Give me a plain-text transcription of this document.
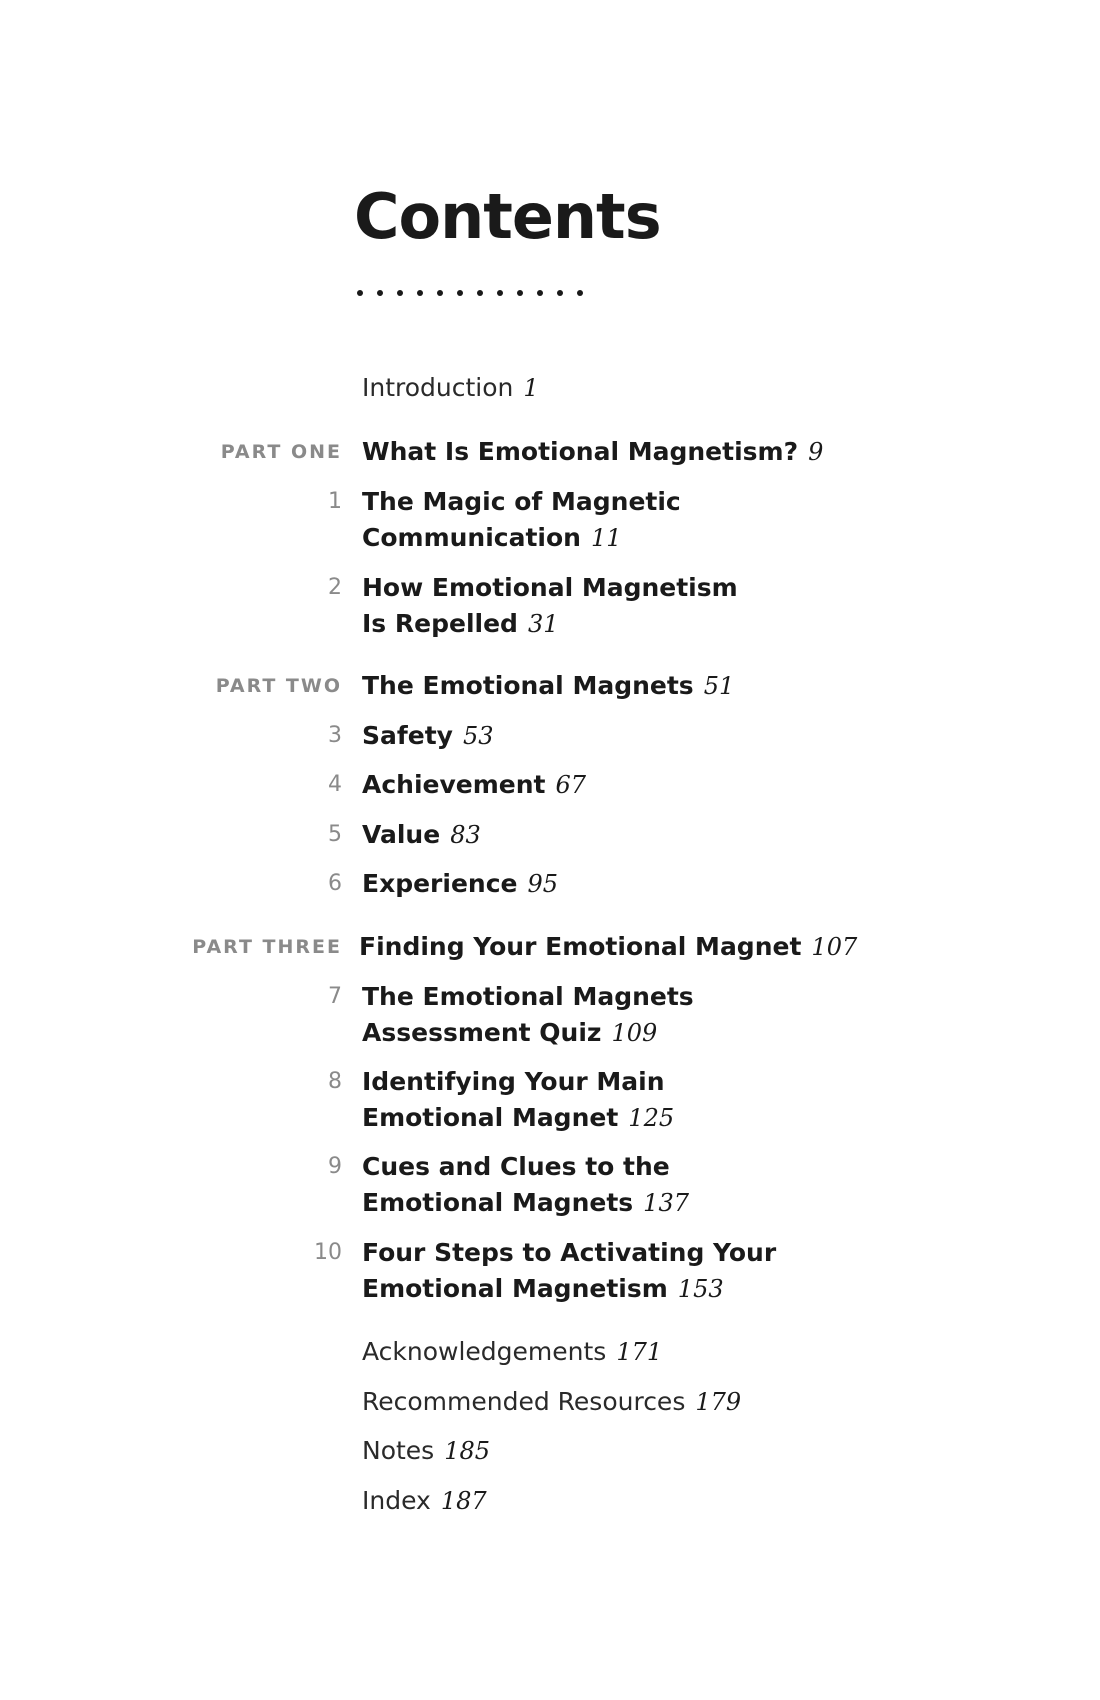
Contents
Introduction 1
PART ONE What Is Emotional Magnetism? 9
1 The Magic of Magnetic Communication 11
2 How Emotional Magnetism Is Repelled 31
PART TWO The Emotional Magnets 51
3 Safety 53
4 Achievement 67
5 Value 83
6 Experience 95
PART THREE Finding Your Emotional Magnet 107
7 The Emotional Magnets Assessment Quiz 109
8 Identifying Your Main Emotional Magnet 125
9 Cues and Clues to the Emotional Magnets 137
10 Four Steps to Activating Your Emotional Magnetism 153
Acknowledgements 171
Recommended Resources 179
Notes 185
Index 187
